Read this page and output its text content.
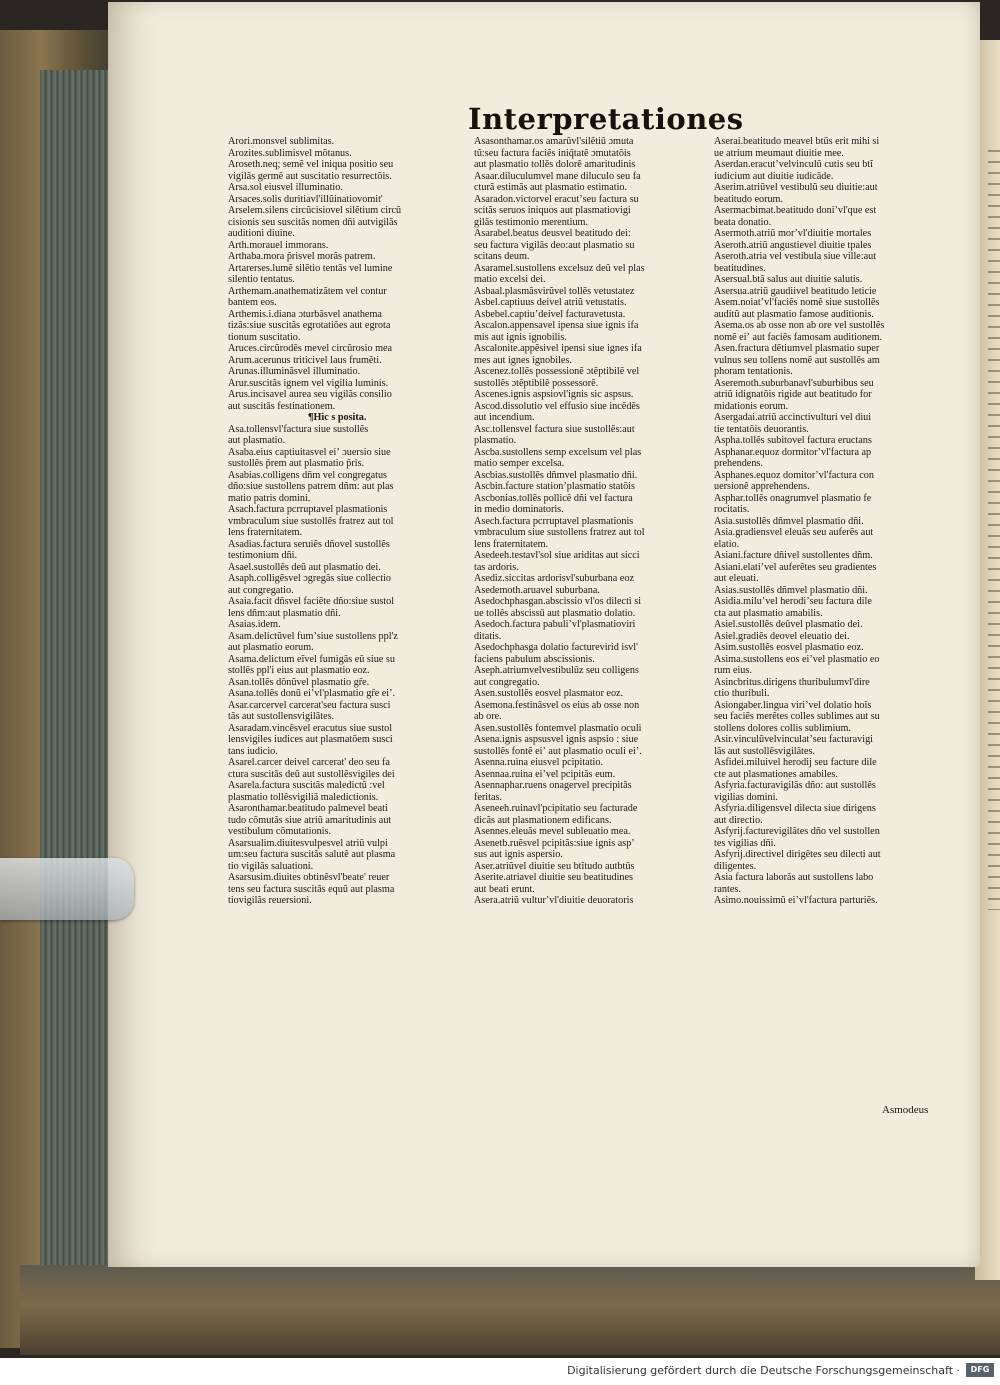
Interpretationes
Arori.monsvel sublimitas.
Arozites.sublimisvel mõtanus.
Aroseth.neq; semẽ vel iniqua positio seu
vigilãs germẽ aut suscitatio resurrectõis.
Arsa.sol eiusvel illuminatio.
Arsaces.solis duritiavl'illũinatiovomit'
Arselem.silens circũcisiovel silẽtium circũ
cisionis seu suscitãs nomen dñi autvigilãs
auditioni diuine.
Arth.morauel immorans.
Arthaba.mora p̃risvel morãs patrem.
Artarerses.lumẽ silẽtio tentãs vel lumine
silentio tentatus.
Arthemam.anathematizãtem vel contur
bantem eos.
Arthemis.i.diana ɔturbãsvel anathema
tizãs:siue suscitãs egrotatiões aut egrota
tionum suscitatio.
Aruces.circũrodẽs mevel circũrosio mea
Arum.acerunus triticivel laus frumẽti.
Arunas.illuminãsvel illuminatio.
Arur.suscitãs ignem vel vigilia luminis.
Arus.incisavel aurea seu vigilãs consilio
aut suscitãs festinationem.
¶Hic s posita.
Asa.tollensvl'factura siue sustollẽs
aut plasmatio.
Asaba.eius captiuitasvel eiʼ ɔuersio siue
sustollẽs p̃rem aut plasmatio p̃ris.
Asabias.colligens dñm vel congregatus
dño:siue sustollens patrem dñm: aut plas
matio patris domini.
Asach.factura pcrruptavel plasmationis
vmbraculum siue sustollẽs fratrez aut tol
lens fraternitatem.
Asadias.factura seruiẽs dñovel sustollẽs
testimonium dñi.
Asael.sustollẽs deũ aut plasmatio dei.
Asaph.colligẽsvel ɔgregãs siue collectio
aut congregatio.
Asaia.facit dñsvel faciẽte dño:siue sustol
lens dñm:aut plasmatio dñi.
Asaias.idem.
Asam.delictũvel fumʼsiue sustollens ppl'z
aut plasmatio eorum.
Asama.delictum eĩvel fumigãs eũ siue su
stollẽs ppl'i eius aut plasmatio eoz.
Asan.tollẽs dõnũvel plasmatio gr̃e.
Asana.tollẽs donũ eiʼvl'plasmatio gr̃e eiʼ.
Asar.carcervel carcerat'seu factura susci
tãs aut sustollensvigilãtes.
Asaradam.vincẽsvel eracutus siue sustol
lensvigiles iudices aut plasmatõem susci
tans iudicio.
Asarel.carcer deivel carcerat' deo seu fa
ctura suscitãs deũ aut sustollẽsvigiles dei
Asarela.factura suscitãs maledictũ :vel
plasmatio tollẽsvigiliã maledictionis.
Asaronthamar.beatitudo palmevel beati
tudo cõmutãs siue atriũ amaritudinis aut
vestibulum cõmutationis.
Asarsualim.diuitesvulpesvel atriũ vulpi
um:seu factura suscitãs salutẽ aut plasma
tio vigilãs saluationi.
Asarsusim.diuites obtinẽsvl'beate' reuer
tens seu factura suscitãs equũ aut plasma
tiovigilãs reuersioni.
Asasonthamar.os amarũvl'silẽtiũ ɔmuta
tũ:seu factura faciẽs iniq̃tatẽ ɔmutatõis
aut plasmatio tollẽs dolorẽ amaritudinis
Asaar.diluculumvel mane diluculo seu fa
cturã estimãs aut plasmatio estimatio.
Asaradon.victorvel eracutʼseu factura su
scitãs seruos iniquos aut plasmatiovigi
gilãs testimonio merentium.
Asarabel.beatus deusvel beatitudo dei:
seu factura vigilãs deo:aut plasmatio su
scitans deum.
Asaramel.sustollens excelsuz deũ vel plas
matio excelsi dei.
Asbaal.plasmãsvirũvel tollẽs vetustatez
Asbel.captiuus deivel atriũ vetustatis.
Asbebel.captiuʼdeivel facturavetusta.
Ascalon.appensavel ipensa siue ignis ifa
mis aut ignis ignobilis.
Ascalonite.appẽsivel ipensi siue ignes ifa
mes aut ignes ignobiles.
Ascenez.tollẽs possessionẽ ɔtẽptibilẽ vel
sustollẽs ɔtẽptibilẽ possessorẽ.
Ascenes.ignis aspsiovl'ignis sic aspsus.
Ascod.dissolutio vel effusio siue incẽdẽs
aut incendium.
Asc.tollensvel factura siue sustollẽs:aut
plasmatio.
Ascba.sustollens semp excelsum vel plas
matio semper excelsa.
Ascbias.sustollẽs dñmvel plasmatio dñi.
Ascbin.facture stationʼplasmatio statõis
Ascbonias.tollẽs pollicẽ dñi vel factura
in medio dominatoris.
Asech.factura pcrruptavel plasmationis
vmbraculum siue sustollens fratrez aut tol
lens fraternitatem.
Asedeeh.testavl'sol siue ariditas aut sicci
tas ardoris.
Asediz.siccitas ardorisvl'suburbana eoz
Asedemoth.aruavel suburbana.
Asedochphasgan.abscissio vl'os dilecti si
ue tollẽs abscissũ aut plasmatio dolatio.
Asedoch.factura pabuliʼvl'plasmatioviri
ditatis.
Asedochphasga dolatio facturevirid isvl'
faciens pabulum abscissionis.
Aseph.atriumvelvestibulũz seu colligens
aut congregatio.
Asen.sustollẽs eosvel plasmator eoz.
Asemona.festinãsvel os eius ab osse non
ab ore.
Asen.sustollẽs fontemvel plasmatio oculi
Asena.ignis aspsusvel ignis aspsio : siue
sustollẽs fontẽ eiʼ aut plasmatio oculi eiʼ.
Asenna.ruina eiusvel pcipitatio.
Asennaa.ruina eiʼvel pcipitãs eum.
Asennaphar.ruens onagervel precipitãs
feritas.
Aseneeh.ruinavl'pcipitatio seu facturade
dicãs aut plasmationem edificans.
Asennes.eleuãs mevel subleuatio mea.
Asenetb.ruẽsvel pcipitãs:siue ignis aspʼ
sus aut ignis aspersio.
Aser.atriũvel diuitie seu btĩtudo autbtũs
Aserite.atriavel diuitie seu beatitudines
aut beati erunt.
Asera.atriũ vulturʼvl'diuitie deuoratoris
Aserai.beatitudo meavel btũs erit mihi si
ue atrium meumaut diuitie mee.
Aserdan.eracutʼvelvinculũ cutis seu btĩ
iudicium aut diuitie iudicãde.
Aserim.atriũvel vestibulũ seu diuitie:aut
beatitudo eorum.
Asermacbimat.beatitudo doniʼvl'que est
beata donatio.
Asermoth.atriũ morʼvl'diuitie mortales
Aseroth.atriũ angustievel diuitie tpales
Aseroth.atria vel vestibula siue ville:aut
beatitudines.
Asersual.btã salus aut diuitie salutis.
Asersua.atriũ gaudiivel beatitudo leticie
Asem.noiatʼvl'faciẽs nomẽ siue sustollẽs
auditũ aut plasmatio famose auditionis.
Asema.os ab osse non ab ore vel sustollẽs
nomẽ eiʼ aut faciẽs famosam auditionem.
Asen.fractura dẽtiumvel plasmatio super
vulnus seu tollens nomẽ aut sustollẽs am
phoram tentationis.
Aseremoth.suburbanavl'suburbibus seu
atriũ idignatõis rigide aut beatitudo for
midationis eorum.
Asergadai.atriũ accinctivulturi vel diui
tie tentatõis deuorantis.
Aspha.tollẽs subitovel factura eructans
Asphanar.equoz dormitorʼvl'factura ap
prehendens.
Asphanes.equoz domitorʼvl'factura con
uersionẽ apprehendens.
Asphar.tollẽs onagrumvel plasmatio fe
rocitatis.
Asia.sustollẽs dñmvel plasmatio dñi.
Asia.gradiensvel eleuãs seu auferẽs aut
elatio.
Asiani.facture dñivel sustollentes dñm.
Asiani.elatiʼvel auferẽtes seu gradientes
aut eleuati.
Asias.sustollẽs dñmvel plasmatio dñi.
Asidia.miluʼvel herodiʼseu factura dile
cta aut plasmatio amabilis.
Asiel.sustollẽs deũvel plasmatio dei.
Asiel.gradiẽs deovel eleuatio dei.
Asim.sustollẽs eosvel plasmatio eoz.
Asima.sustollens eos eiʼvel plasmatio eo
rum eius.
Asincbritus.dirigens thuribulumvl'dire
ctio thuribuli.
Asiongaber.lingua viriʼvel dolatio hoĩs
seu faciẽs merẽtes colles sublimes aut su
stollens dolores collis sublimium.
Asir.vinculũvelvinculatʼseu facturavigi
lãs aut sustollẽsvigilãtes.
Asfidei.miluivel herodij seu facture dile
cte aut plasmationes amabiles.
Asfyria.facturavigilãs dño: aut sustollẽs
vigilias domini.
Asfyria.diligensvel dilecta siue dirigens
aut directio.
Asfyrij.facturevigilãtes dño vel sustollen
tes vigilias dñi.
Asfyrij.directivel dirigẽtes seu dilecti aut
diligentes.
Asia factura laborãs aut sustollens labo
rantes.
Asimo.nouissimũ eiʼvl'factura parturiẽs.
Asmodeus
Digitalisierung gefördert durch die Deutsche Forschungsgemeinschaft ·	DFG
